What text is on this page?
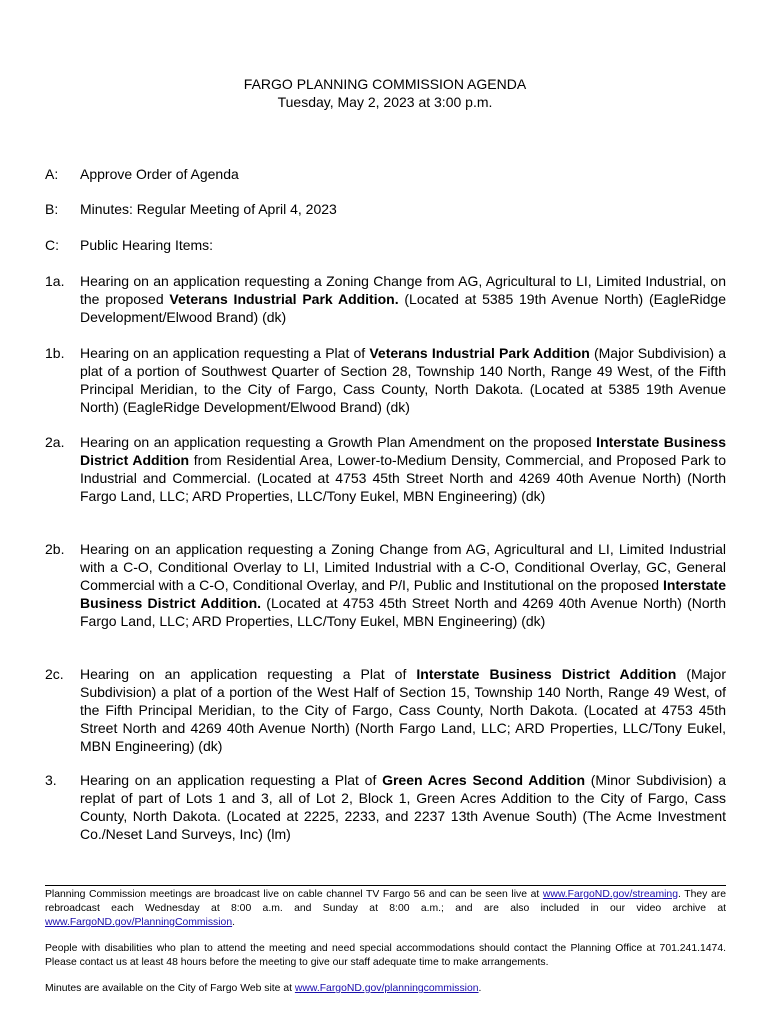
FARGO PLANNING COMMISSION AGENDA
Tuesday, May 2, 2023 at 3:00 p.m.
A: Approve Order of Agenda
B: Minutes: Regular Meeting of April 4, 2023
C: Public Hearing Items:
1a. Hearing on an application requesting a Zoning Change from AG, Agricultural to LI, Limited Industrial, on the proposed Veterans Industrial Park Addition. (Located at 5385 19th Avenue North) (EagleRidge Development/Elwood Brand) (dk)
1b. Hearing on an application requesting a Plat of Veterans Industrial Park Addition (Major Subdivision) a plat of a portion of Southwest Quarter of Section 28, Township 140 North, Range 49 West, of the Fifth Principal Meridian, to the City of Fargo, Cass County, North Dakota. (Located at 5385 19th Avenue North) (EagleRidge Development/Elwood Brand) (dk)
2a. Hearing on an application requesting a Growth Plan Amendment on the proposed Interstate Business District Addition from Residential Area, Lower-to-Medium Density, Commercial, and Proposed Park to Industrial and Commercial. (Located at 4753 45th Street North and 4269 40th Avenue North) (North Fargo Land, LLC; ARD Properties, LLC/Tony Eukel, MBN Engineering) (dk)
2b. Hearing on an application requesting a Zoning Change from AG, Agricultural and LI, Limited Industrial with a C-O, Conditional Overlay to LI, Limited Industrial with a C-O, Conditional Overlay, GC, General Commercial with a C-O, Conditional Overlay, and P/I, Public and Institutional on the proposed Interstate Business District Addition. (Located at 4753 45th Street North and 4269 40th Avenue North) (North Fargo Land, LLC; ARD Properties, LLC/Tony Eukel, MBN Engineering) (dk)
2c. Hearing on an application requesting a Plat of Interstate Business District Addition (Major Subdivision) a plat of a portion of the West Half of Section 15, Township 140 North, Range 49 West, of the Fifth Principal Meridian, to the City of Fargo, Cass County, North Dakota. (Located at 4753 45th Street North and 4269 40th Avenue North) (North Fargo Land, LLC; ARD Properties, LLC/Tony Eukel, MBN Engineering) (dk)
3. Hearing on an application requesting a Plat of Green Acres Second Addition (Minor Subdivision) a replat of part of Lots 1 and 3, all of Lot 2, Block 1, Green Acres Addition to the City of Fargo, Cass County, North Dakota. (Located at 2225, 2233, and 2237 13th Avenue South) (The Acme Investment Co./Neset Land Surveys, Inc) (lm)

Planning Commission meetings are broadcast live on cable channel TV Fargo 56 and can be seen live at www.FargoND.gov/streaming. They are rebroadcast each Wednesday at 8:00 a.m. and Sunday at 8:00 a.m.; and are also included in our video archive at www.FargoND.gov/PlanningCommission.

People with disabilities who plan to attend the meeting and need special accommodations should contact the Planning Office at 701.241.1474. Please contact us at least 48 hours before the meeting to give our staff adequate time to make arrangements.

Minutes are available on the City of Fargo Web site at www.FargoND.gov/planningcommission.
